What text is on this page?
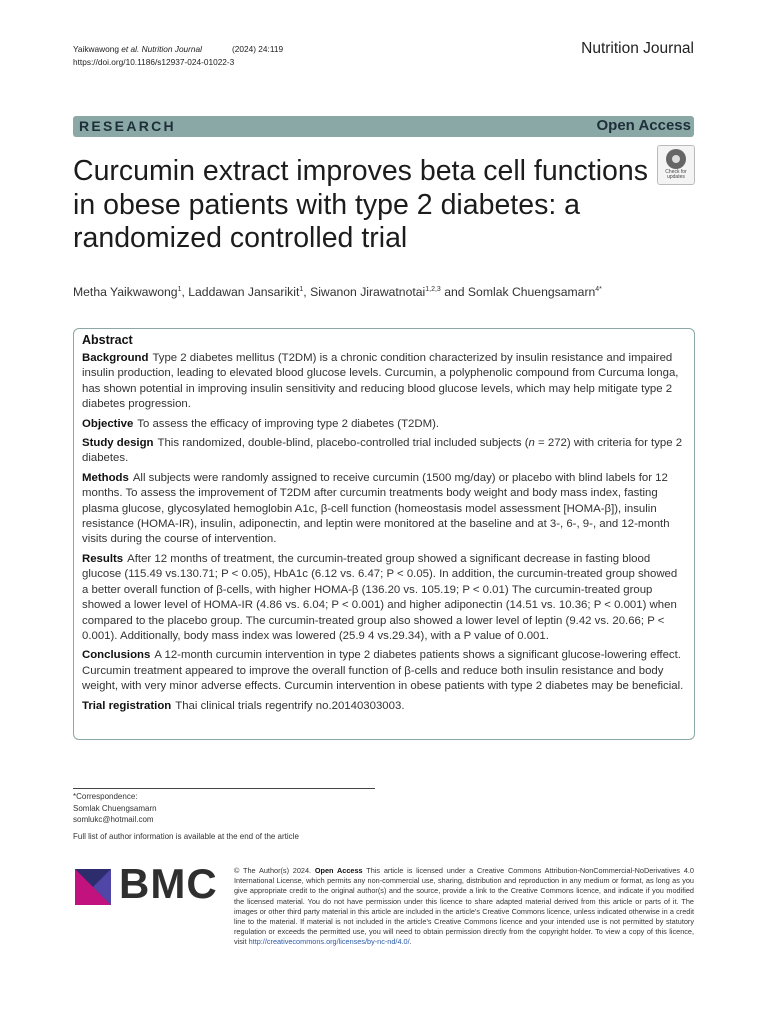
Yaikwawong et al. Nutrition Journal	(2024) 24:119
https://doi.org/10.1186/s12937-024-01022-3
Nutrition Journal
RESEARCH	Open Access
Curcumin extract improves beta cell functions in obese patients with type 2 diabetes: a randomized controlled trial
Check for updates
Metha Yaikwawong$^1$, Laddawan Jansarikit$^1$, Siwanon Jirawatnotai$^{1,2,3}$ and Somlak Chuengsamarn$^{4*}$
Abstract

Background Type 2 diabetes mellitus (T2DM) is a chronic condition characterized by insulin resistance and impaired insulin production, leading to elevated blood glucose levels. Curcumin, a polyphenolic compound from Curcuma longa, has shown potential in improving insulin sensitivity and reducing blood glucose levels, which may help mitigate type 2 diabetes progression.

Objective To assess the efficacy of improving type 2 diabetes (T2DM).

Study design This randomized, double-blind, placebo-controlled trial included subjects (n = 272) with criteria for type 2 diabetes.

Methods All subjects were randomly assigned to receive curcumin (1500 mg/day) or placebo with blind labels for 12 months. To assess the improvement of T2DM after curcumin treatments body weight and body mass index, fasting plasma glucose, glycosylated hemoglobin A1c, β-cell function (homeostasis model assessment [HOMA-β]), insulin resistance (HOMA-IR), insulin, adiponectin, and leptin were monitored at the baseline and at 3-, 6-, 9-, and 12-month visits during the course of intervention.

Results After 12 months of treatment, the curcumin-treated group showed a significant decrease in fasting blood glucose (115.49 vs.130.71; P < 0.05), HbA1c (6.12 vs. 6.47; P < 0.05). In addition, the curcumin-treated group showed a better overall function of β-cells, with higher HOMA-β (136.20 vs. 105.19; P < 0.01) The curcumin-treated group showed a lower level of HOMA-IR (4.86 vs. 6.04; P < 0.001) and higher adiponectin (14.51 vs. 10.36; P < 0.001) when compared to the placebo group. The curcumin-treated group also showed a lower level of leptin (9.42 vs. 20.66; P < 0.001). Additionally, body mass index was lowered (25.9 4 vs.29.34), with a P value of 0.001.

Conclusions A 12-month curcumin intervention in type 2 diabetes patients shows a significant glucose-lowering effect. Curcumin treatment appeared to improve the overall function of β-cells and reduce both insulin resistance and body weight, with very minor adverse effects. Curcumin intervention in obese patients with type 2 diabetes may be beneficial.

Trial registration Thai clinical trials regentrify no.20140303003.

*Correspondence:
Somlak Chuengsamarn
somlukc@hotmail.com
Full list of author information is available at the end of the article
BMC © The Author(s) 2024. Open Access This article is licensed under a Creative Commons Attribution-NonCommercial-NoDerivatives 4.0 International License, which permits any non-commercial use, sharing, distribution and reproduction in any medium or format, as long as you give appropriate credit to the original author(s) and the source, provide a link to the Creative Commons licence, and indicate if you modified the licensed material. You do not have permission under this licence to share adapted material derived from this article or parts of it. The images or other third party material in this article are included in the article's Creative Commons licence, unless indicated otherwise in a credit line to the material. If material is not included in the article's Creative Commons licence and your intended use is not permitted by statutory regulation or exceeds the permitted use, you will need to obtain permission directly from the copyright holder. To view a copy of this licence, visit http://creativecommons.org/licenses/by-nc-nd/4.0/.
